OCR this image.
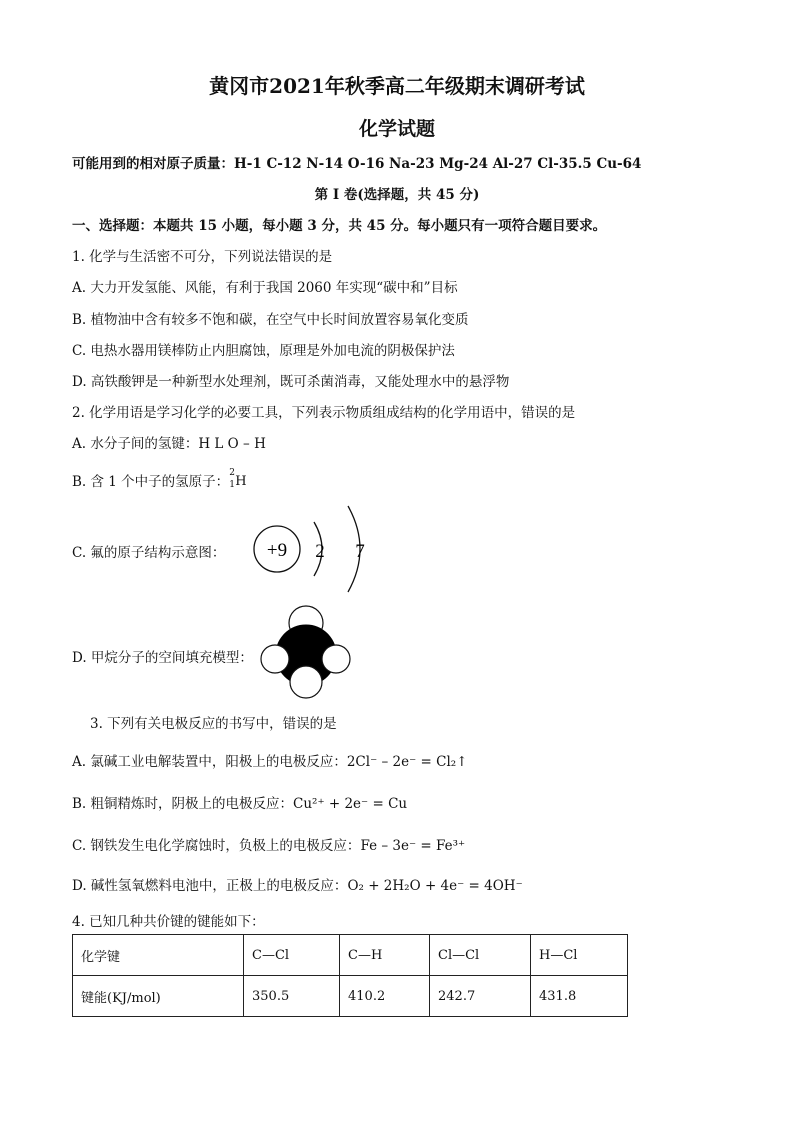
黄冈市2021年秋季高二年级期末调研考试
化学试题
可能用到的相对原子质量：H-1 C-12 N-14 O-16 Na-23 Mg-24 Al-27 Cl-35.5 Cu-64
第 I 卷(选择题，共 45 分)
一、选择题：本题共 15 小题，每小题 3 分，共 45 分。每小题只有一项符合题目要求。
1. 化学与生活密不可分，下列说法错误的是
A. 大力开发氢能、风能，有利于我国 2060 年实现“碳中和”目标
B. 植物油中含有较多不饱和碳，在空气中长时间放置容易氧化变质
C. 电热水器用镁棒防止内胆腐蚀，原理是外加电流的阴极保护法
D. 高铁酸钾是一种新型水处理剂，既可杀菌消毒，又能处理水中的悬浮物
2. 化学用语是学习化学的必要工具，下列表示物质组成结构的化学用语中，错误的是
A. 水分子间的氢键：H L O – H
B. 含 1 个中子的氢原子：
2
1 H
C. 氟的原子结构示意图： +9 2 7
D. 甲烷分子的空间填充模型：
3. 下列有关电极反应的书写中，错误的是
A. 氯碱工业电解装置中，阳极上的电极反应：2Cl⁻ – 2e⁻ = Cl₂↑
B. 粗铜精炼时，阴极上的电极反应：Cu²⁺ + 2e⁻ = Cu
C. 钢铁发生电化学腐蚀时，负极上的电极反应：Fe – 3e⁻ = Fe³⁺
D. 碱性氢氧燃料电池中，正极上的电极反应：O₂ + 2H₂O + 4e⁻ = 4OH⁻
4. 已知几种共价键的键能如下：
化学键	C—Cl	C—H	Cl—Cl	H—Cl
键能(KJ/mol)	350.5	410.2	242.7	431.8
